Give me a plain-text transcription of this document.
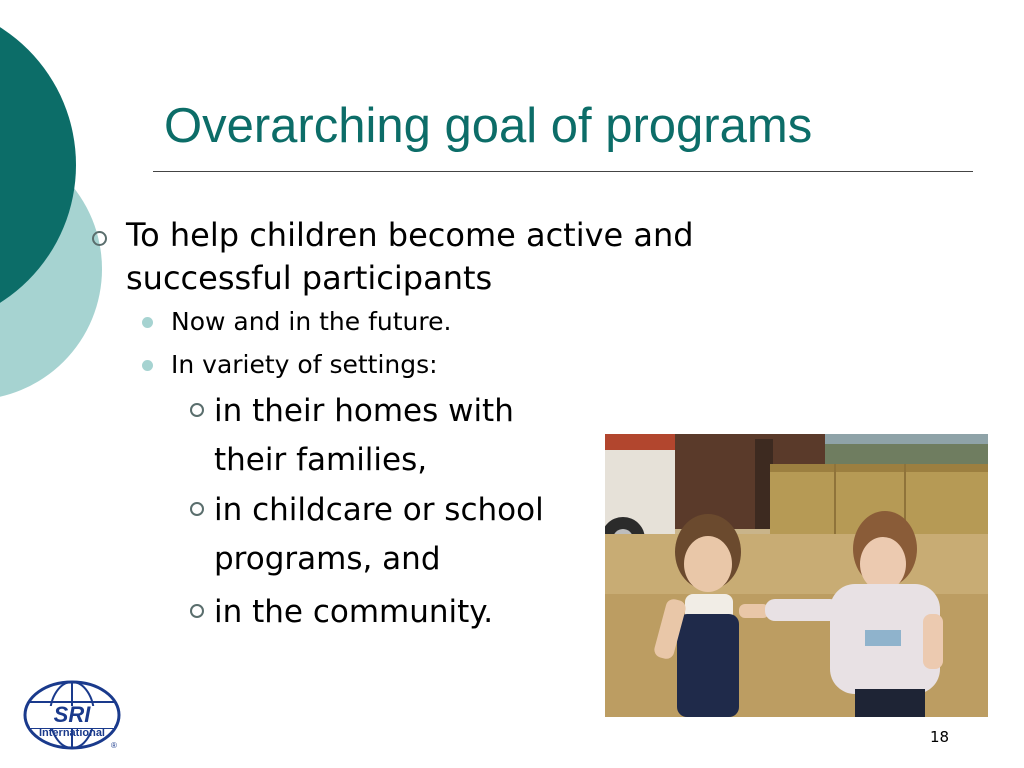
Overarching goal of programs
To help children become active and successful participants
Now and in the future.
In variety of settings:
in their homes with their families,
in childcare or school programs, and
in the community.
SRI
International
®	18
